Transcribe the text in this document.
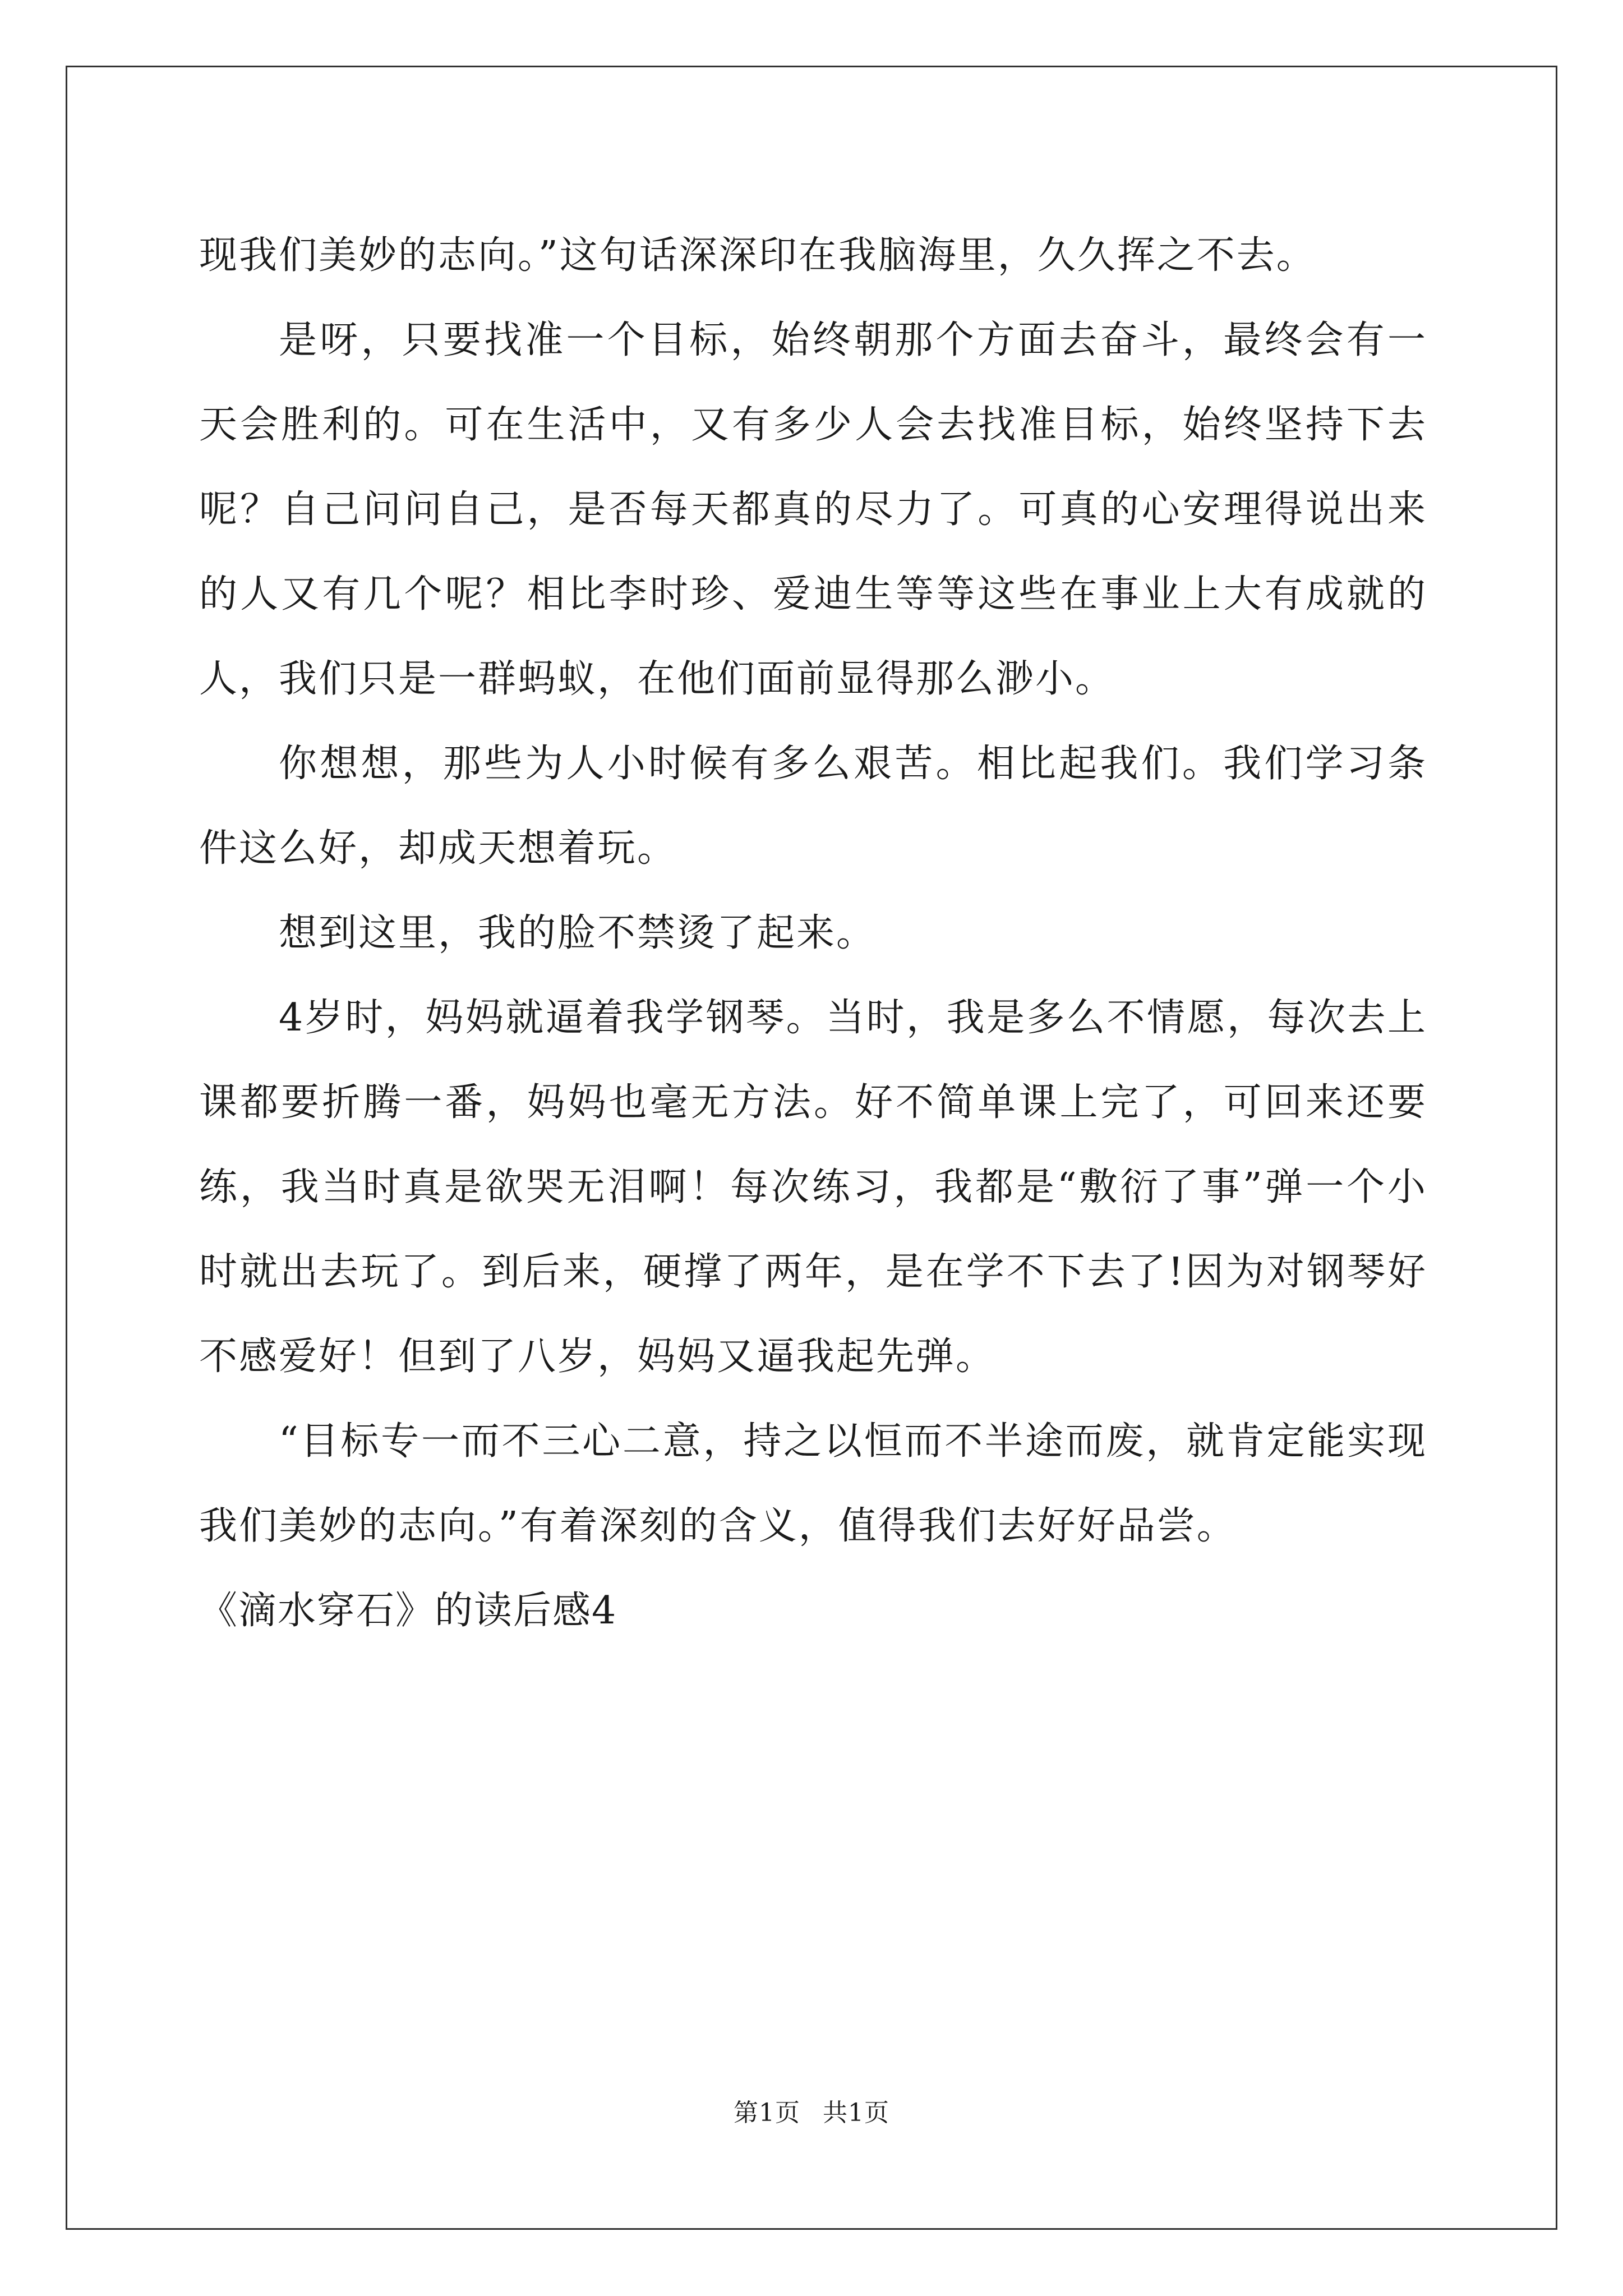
现我们美妙的志向。”这句话深深印在我脑海里，久久挥之不去。

是呀，只要找准一个目标，始终朝那个方面去奋斗，最终会有一天会胜利的。可在生活中，又有多少人会去找准目标，始终坚持下去呢？自己问问自己，是否每天都真的尽力了。可真的心安理得说出来的人又有几个呢？相比李时珍、爱迪生等等这些在事业上大有成就的人，我们只是一群蚂蚁，在他们面前显得那么渺小。

你想想，那些为人小时候有多么艰苦。相比起我们。我们学习条件这么好，却成天想着玩。

想到这里，我的脸不禁烫了起来。

4岁时，妈妈就逼着我学钢琴。当时，我是多么不情愿，每次去上课都要折腾一番，妈妈也毫无方法。好不简单课上完了，可回来还要练，我当时真是欲哭无泪啊！每次练习，我都是“敷衍了事”弹一个小时就出去玩了。到后来，硬撑了两年，是在学不下去了!因为对钢琴好不感爱好！但到了八岁，妈妈又逼我起先弹。

“目标专一而不三心二意，持之以恒而不半途而废，就肯定能实现我们美妙的志向。”有着深刻的含义，值得我们去好好品尝。

《滴水穿石》的读后感4

第1页 共1页
